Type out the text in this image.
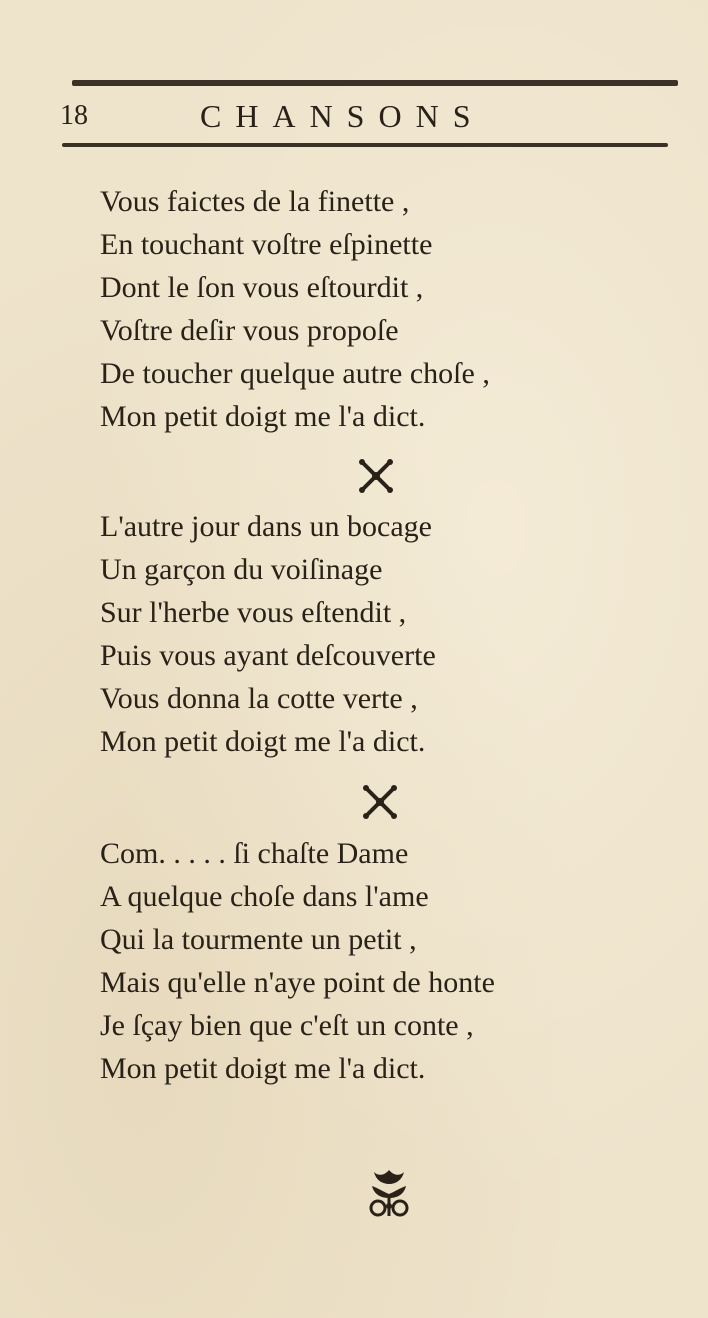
18	CHANSONS
Vous faictes de la finette ,
En touchant voſtre eſpinette
Dont le ſon vous eſtourdit ,
Voſtre deſir vous propoſe
De toucher quelque autre choſe ,
Mon petit doigt me l'a dict.
L'autre jour dans un bocage
Un garçon du voiſinage
Sur l'herbe vous eſtendit ,
Puis vous ayant deſcouverte
Vous donna la cotte verte ,
Mon petit doigt me l'a dict.
Com. . . . . ſi chaſte Dame
A quelque choſe dans l'ame
Qui la tourmente un petit ,
Mais qu'elle n'aye point de honte
Je ſçay bien que c'eſt un conte ,
Mon petit doigt me l'a dict.
